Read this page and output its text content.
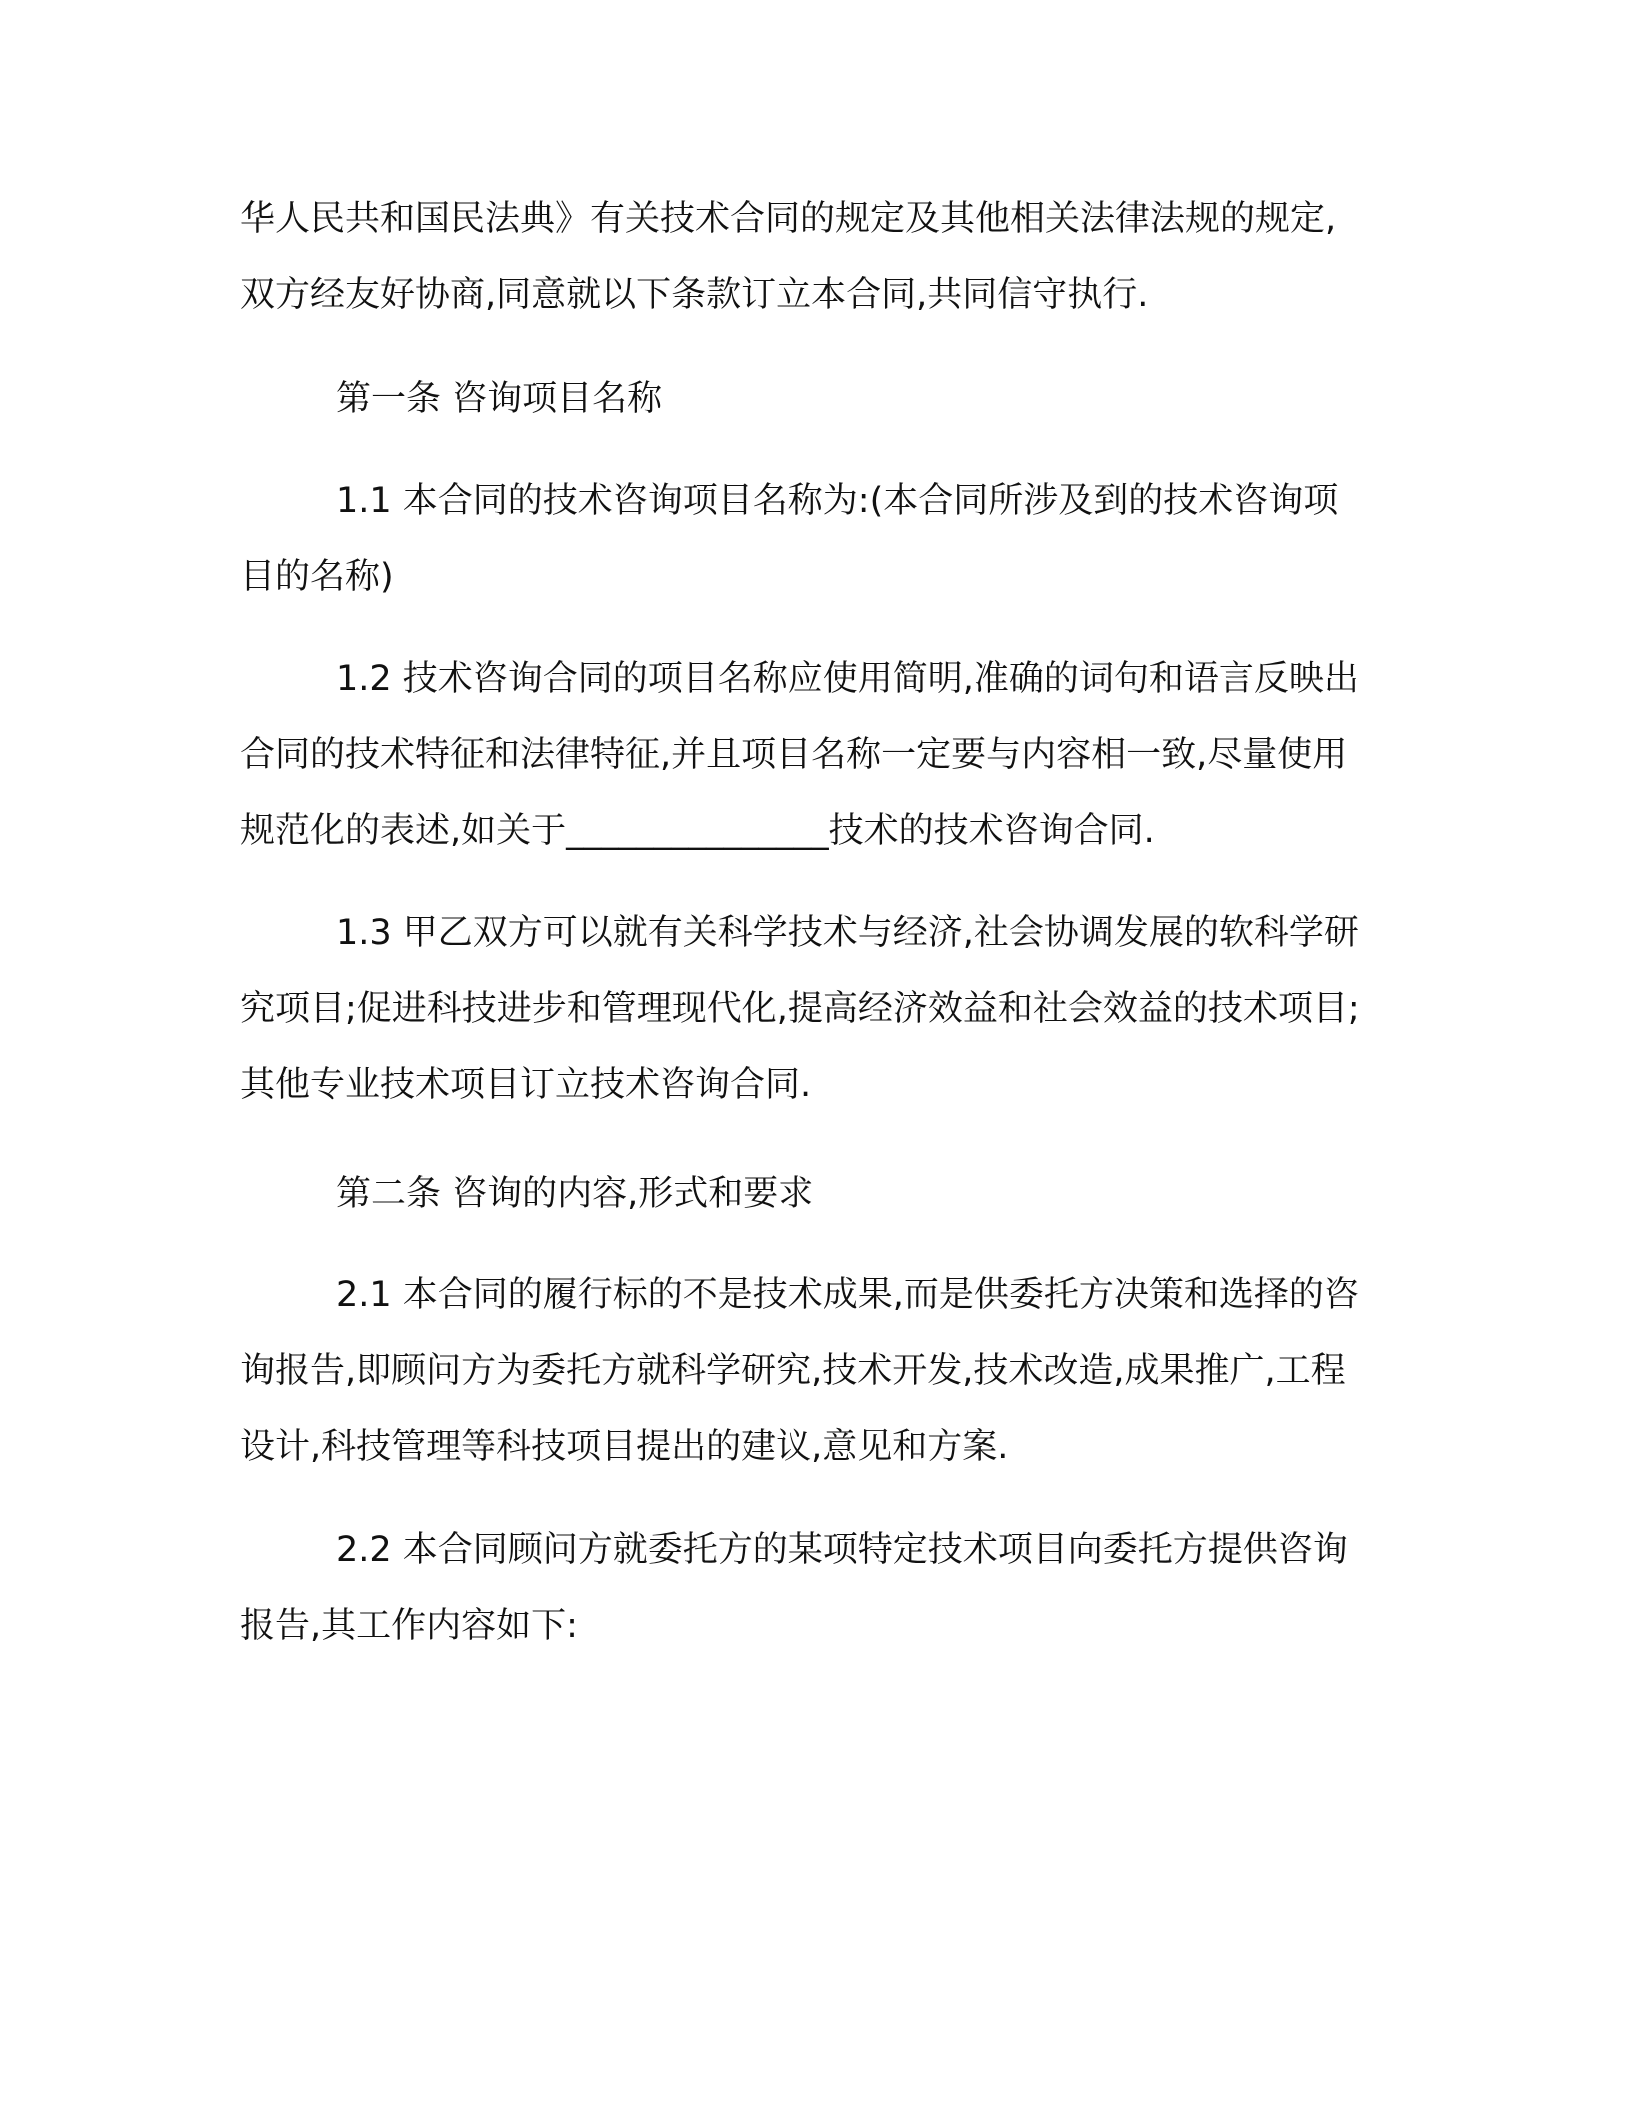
华人民共和国民法典》有关技术合同的规定及其他相关法律法规的规定,双方经友好协商,同意就以下条款订立本合同,共同信守执行.

第一条 咨询项目名称

1.1 本合同的技术咨询项目名称为:(本合同所涉及到的技术咨询项目的名称)

1.2 技术咨询合同的项目名称应使用简明,准确的词句和语言反映出合同的技术特征和法律特征,并且项目名称一定要与内容相一致,尽量使用规范化的表述,如关于_______________技术的技术咨询合同.

1.3 甲乙双方可以就有关科学技术与经济,社会协调发展的软科学研究项目;促进科技进步和管理现代化,提高经济效益和社会效益的技术项目;其他专业技术项目订立技术咨询合同.

第二条 咨询的内容,形式和要求

2.1 本合同的履行标的不是技术成果,而是供委托方决策和选择的咨询报告,即顾问方为委托方就科学研究,技术开发,技术改造,成果推广,工程设计,科技管理等科技项目提出的建议,意见和方案.

2.2 本合同顾问方就委托方的某项特定技术项目向委托方提供咨询报告,其工作内容如下:
